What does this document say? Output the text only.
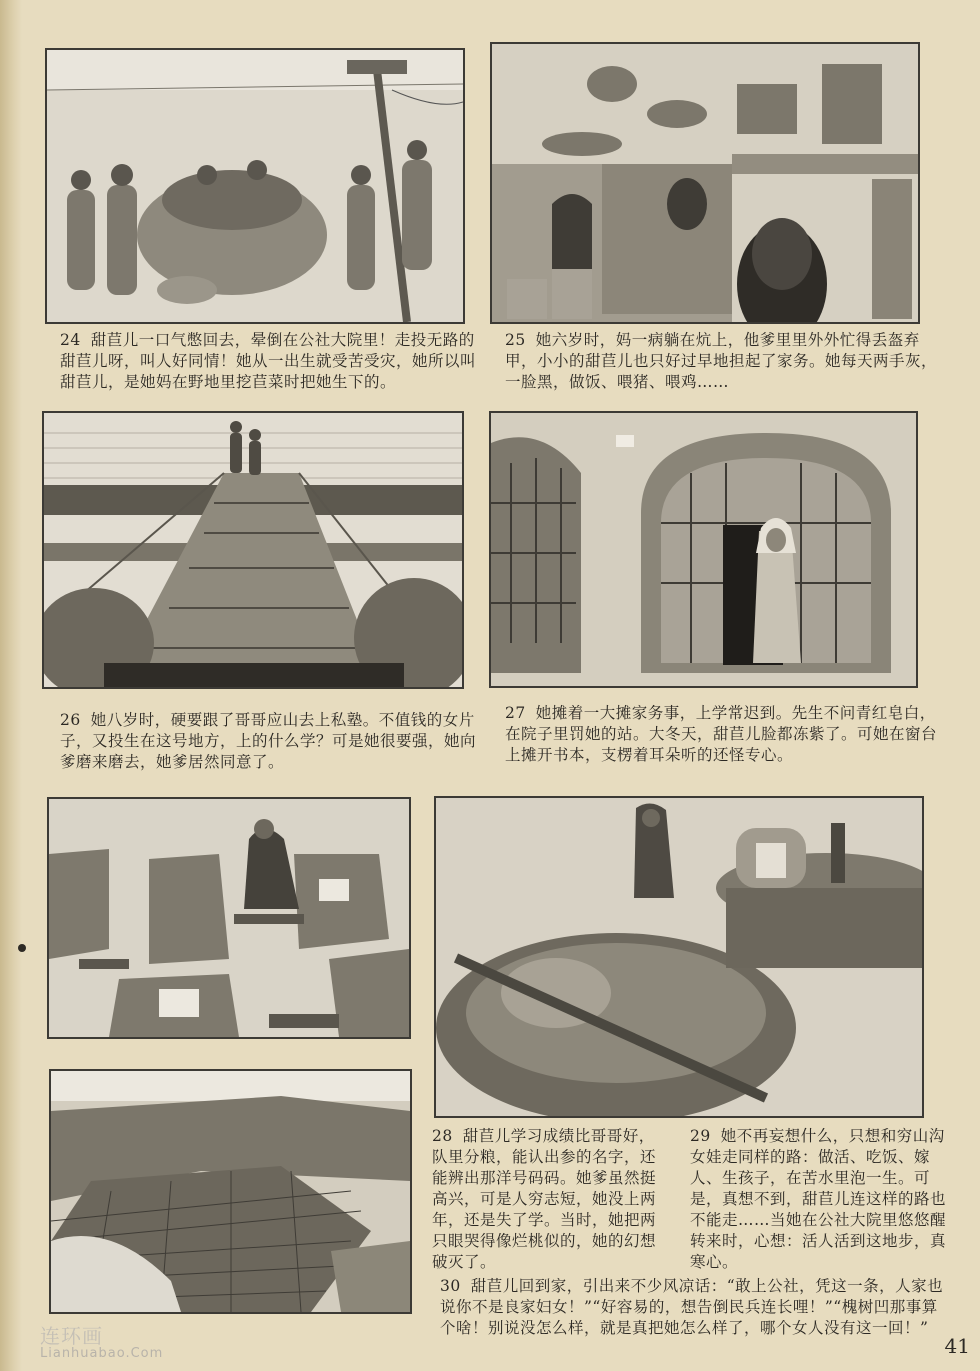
24 甜苣儿一口气憋回去，晕倒在公社大院里！走投无路的甜苣儿呀，叫人好同情！她从一出生就受苦受灾，她所以叫甜苣儿，是她妈在野地里挖苣菜时把她生下的。

25 她六岁时，妈一病躺在炕上，他爹里里外外忙得丢盔弃甲，小小的甜苣儿也只好过早地担起了家务。她每天两手灰，一脸黑，做饭、喂猪、喂鸡……

26 她八岁时，硬要跟了哥哥应山去上私塾。不值钱的女片子，又投生在这号地方，上的什么学？可是她很要强，她向爹磨来磨去，她爹居然同意了。

27 她摊着一大摊家务事，上学常迟到。先生不问青红皂白，在院子里罚她的站。大冬天，甜苣儿脸都冻紫了。可她在窗台上摊开书本，支楞着耳朵听的还怪专心。

28 甜苣儿学习成绩比哥哥好，队里分粮，能认出参的名字，还能辨出那洋号码码。她爹虽然挺高兴，可是人穷志短，她没上两年，还是失了学。当时，她把两只眼哭得像烂桃似的，她的幻想破灭了。

29 她不再妄想什么，只想和穷山沟女娃走同样的路：做活、吃饭、嫁人、生孩子，在苦水里泡一生。可是，真想不到，甜苣儿连这样的路也不能走……当她在公社大院里悠悠醒转来时，心想：活人活到这地步，真寒心。

30 甜苣儿回到家，引出来不少风凉话：“敢上公社，凭这一条，人家也说你不是良家妇女！”“好容易的，想告倒民兵连长哩！”“槐树凹那事算个啥！别说没怎么样，就是真把她怎么样了，哪个女人没有这一回！”

连环画
Lianhuabao.Com	41
